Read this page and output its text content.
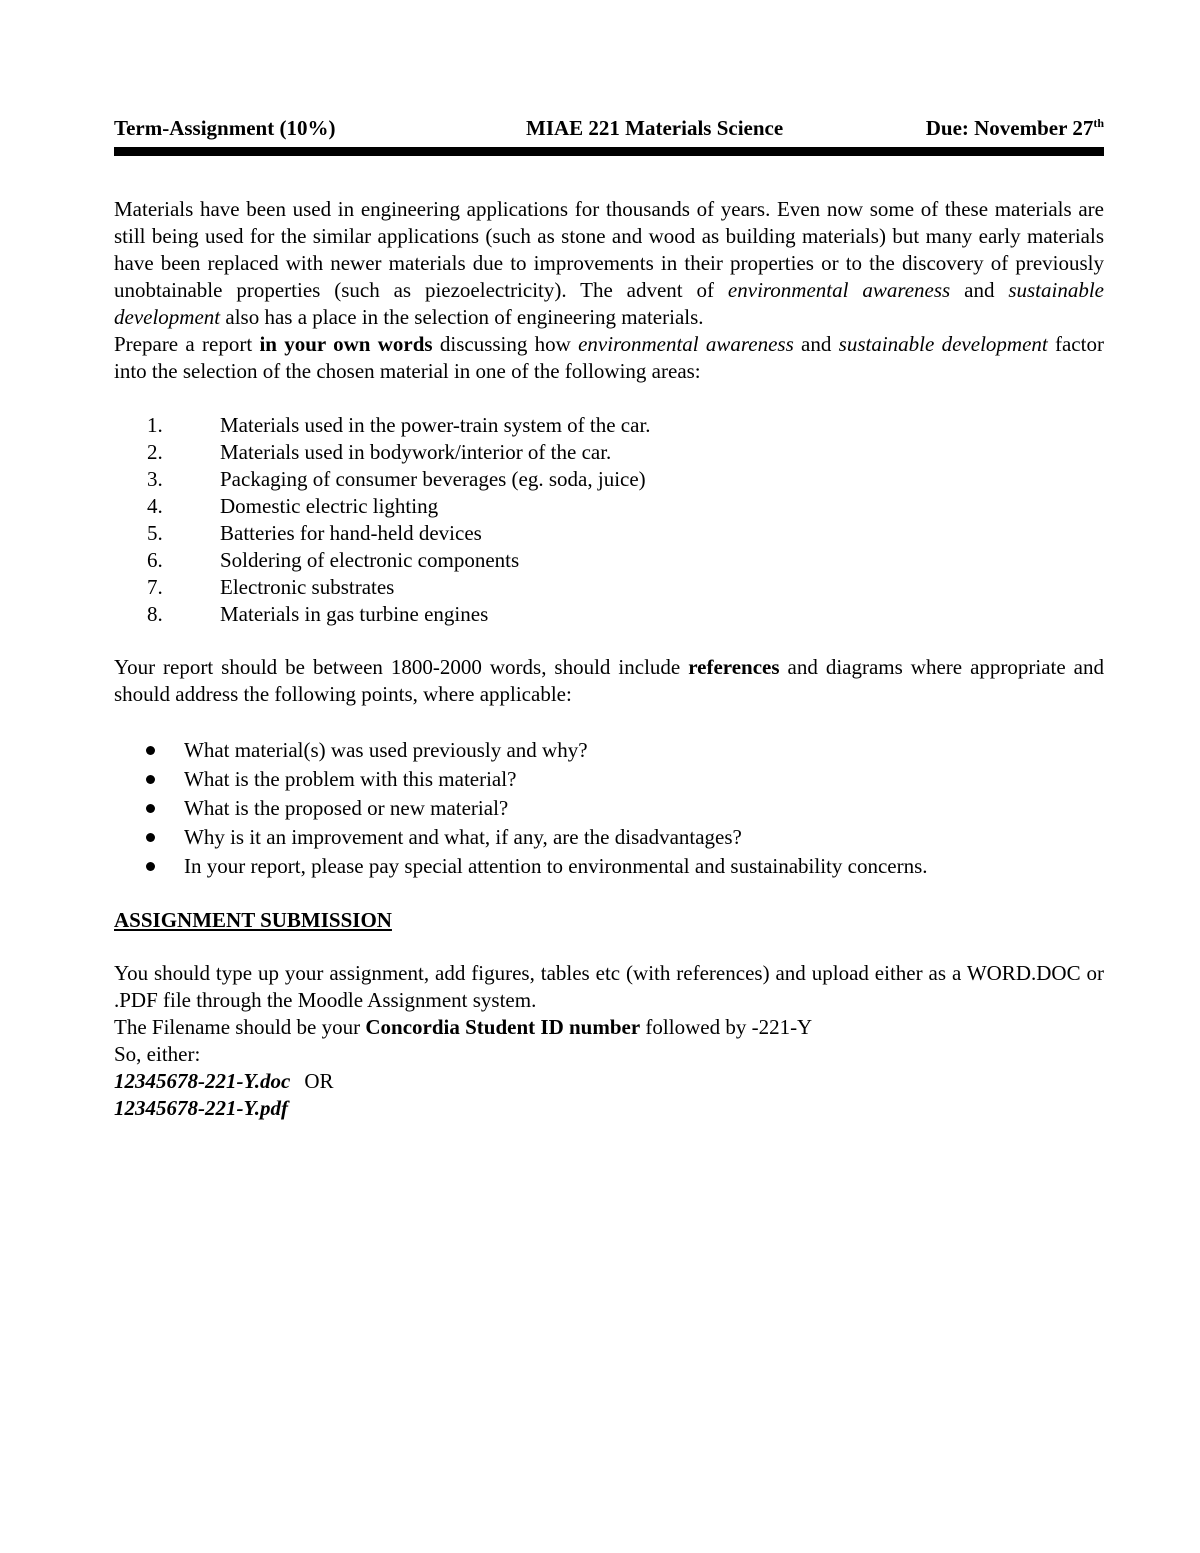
Term-Assignment (10%)	MIAE 221 Materials Science	Due: November 27th

Materials have been used in engineering applications for thousands of years. Even now some of these materials are still being used for the similar applications (such as stone and wood as building materials) but many early materials have been replaced with newer materials due to improvements in their properties or to the discovery of previously unobtainable properties (such as piezoelectricity). The advent of environmental awareness and sustainable development also has a place in the selection of engineering materials.

Prepare a report in your own words discussing how environmental awareness and sustainable development factor into the selection of the chosen material in one of the following areas:

1.	Materials used in the power-train system of the car.
2.	Materials used in bodywork/interior of the car.
3.	Packaging of consumer beverages (eg. soda, juice)
4.	Domestic electric lighting
5.	Batteries for hand-held devices
6.	Soldering of electronic components
7.	Electronic substrates
8.	Materials in gas turbine engines

Your report should be between 1800-2000 words, should include references and diagrams where appropriate and should address the following points, where applicable:

What material(s) was used previously and why?
What is the problem with this material?
What is the proposed or new material?
Why is it an improvement and what, if any, are the disadvantages?
In your report, please pay special attention to environmental and sustainability concerns.
ASSIGNMENT SUBMISSION

You should type up your assignment, add figures, tables etc (with references) and upload either as a WORD.DOC or .PDF file through the Moodle Assignment system.

The Filename should be your Concordia Student ID number followed by -221-Y

So, either:

12345678-221-Y.doc OR

12345678-221-Y.pdf
